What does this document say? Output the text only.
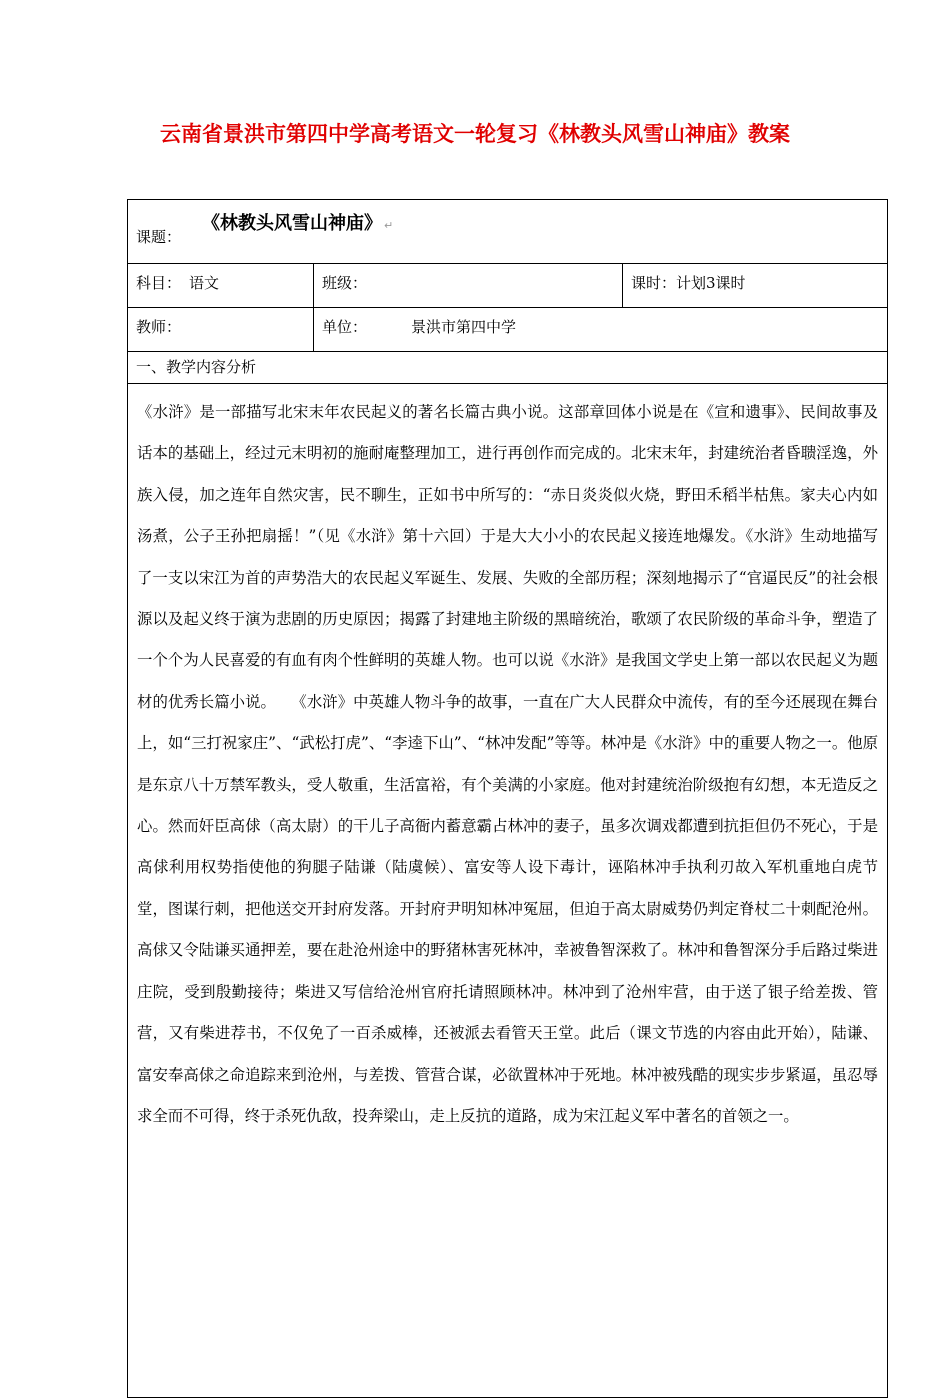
云南省景洪市第四中学高考语文一轮复习《林教头风雪山神庙》教案
课题：
《林教头风雪山神庙》 ↵		

科目： 语文	班级：	课时：计划3课时
教师：	单位： 景洪市第四中学	
一、教学内容分析		

《水浒》是一部描写北宋末年农民起义的著名长篇古典小说。这部章回体小说是在《宣和遗事》、民间故事及话本的基础上，经过元末明初的施耐庵整理加工，进行再创作而完成的。北宋末年，封建统治者昏聩淫逸，外族入侵，加之连年自然灾害，民不聊生，正如书中所写的：“赤日炎炎似火烧，野田禾稻半枯焦。家夫心内如汤煮，公子王孙把扇摇！”（见《水浒》第十六回）于是大大小小的农民起义接连地爆发。《水浒》生动地描写了一支以宋江为首的声势浩大的农民起义军诞生、发展、失败的全部历程；深刻地揭示了“官逼民反”的社会根源以及起义终于演为悲剧的历史原因；揭露了封建地主阶级的黑暗统治，歌颂了农民阶级的革命斗争，塑造了一个个为人民喜爱的有血有肉个性鲜明的英雄人物。也可以说《水浒》是我国文学史上第一部以农民起义为题材的优秀长篇小说。　　《水浒》中英雄人物斗争的故事，一直在广大人民群众中流传，有的至今还展现在舞台上，如“三打祝家庄”、“武松打虎”、“李逵下山”、“林冲发配”等等。林冲是《水浒》中的重要人物之一。他原是东京八十万禁军教头，受人敬重，生活富裕，有个美满的小家庭。他对封建统治阶级抱有幻想，本无造反之心。然而奸臣高俅（高太尉）的干儿子高衙内蓄意霸占林冲的妻子，虽多次调戏都遭到抗拒但仍不死心，于是高俅利用权势指使他的狗腿子陆谦（陆虞候）、富安等人设下毒计，诬陷林冲手执利刃故入军机重地白虎节堂，图谋行刺，把他送交开封府发落。开封府尹明知林冲冤屈，但迫于高太尉威势仍判定脊杖二十刺配沧州。高俅又令陆谦买通押差，要在赴沧州途中的野猪林害死林冲，幸被鲁智深救了。林冲和鲁智深分手后路过柴进庄院，受到殷勤接待；柴进又写信给沧州官府托请照顾林冲。林冲到了沧州牢营，由于送了银子给差拨、管营，又有柴进荐书，不仅免了一百杀威棒，还被派去看管天王堂。此后（课文节选的内容由此开始），陆谦、富安奉高俅之命追踪来到沧州，与差拨、管营合谋，必欲置林冲于死地。林冲被残酷的现实步步紧逼，虽忍辱求全而不可得，终于杀死仇敌，投奔梁山，走上反抗的道路，成为宋江起义军中著名的首领之一。		
